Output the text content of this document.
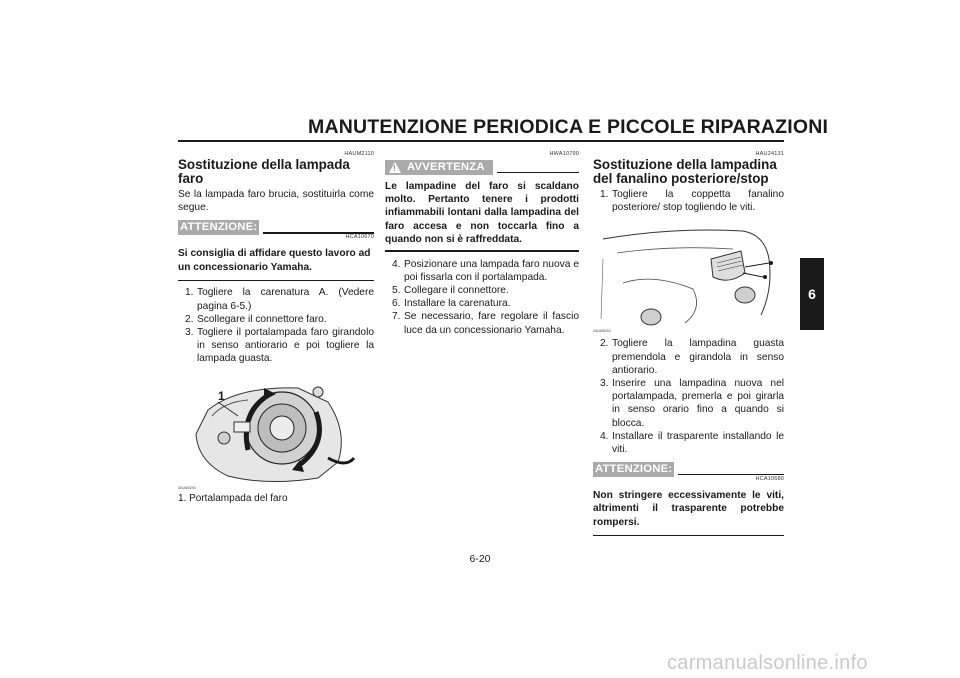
MANUTENZIONE PERIODICA E PICCOLE RIPARAZIONI
6
HAUM2110
Sostituzione della lampada faro

Se la lampada faro brucia, sostituirla come segue.

ATTENZIONE:
HCA10670

Si consiglia di affidare questo lavoro ad un concessionario Yamaha.

1. Togliere la carenatura A. (Vedere pagina 6-5.)
2. Scollegare il connettore faro.
3. Togliere il portalampada faro girandolo in senso antiorario e poi togliere la lampada guasta.
1
ZAUM0293
1. Portalampada del faro
HWA10790
! AVVERTENZA

Le lampadine del faro si scaldano molto. Pertanto tenere i prodotti infiammabili lontani dalla lampadina del faro accesa e non toccarla fino a quando non si è raffreddata.

4. Posizionare una lampada faro nuova e poi fissarla con il portalampada.
5. Collegare il connettore.
6. Installare la carenatura.
7. Se necessario, fare regolare il fascio luce da un concessionario Yamaha.
HAU24131
Sostituzione della lampadina del fanalino posteriore/stop
1. Togliere la coppetta fanalino posteriore/ stop togliendo le viti.
ZAUM0294
2. Togliere la lampadina guasta premendola e girandola in senso antiorario.
3. Inserire una lampadina nuova nel portalampada, premerla e poi girarla in senso orario fino a quando si blocca.
4. Installare il trasparente installando le viti.
ATTENZIONE:
HCA10680

Non stringere eccessivamente le viti, altrimenti il trasparente potrebbe rompersi.

6-20
carmanualsonline.info
